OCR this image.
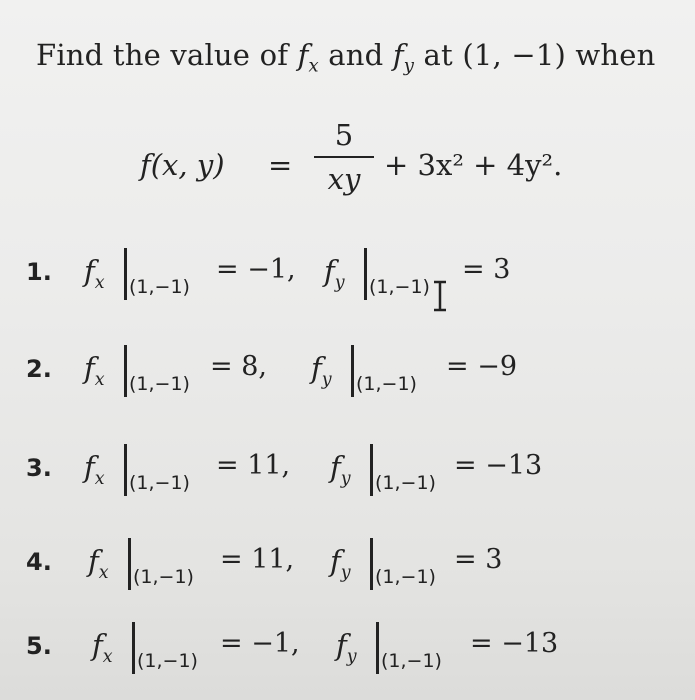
Find the value of $f_x$ and $f_y$ at (1, −1) when
f(x, y) =
5
xy + 3x² + 4y².
1. $f_x$ (1,−1)
= −1, $f_y$ (1,−1)
= 3
2. $f_x$ (1,−1)
= 8, $f_y$ (1,−1)
= −9
3. $f_x$ (1,−1)
= 11, $f_y$ (1,−1)
= −13
4. $f_x$ (1,−1)
= 11, $f_y$ (1,−1)
= 3
5. $f_x$ (1,−1)
= −1, $f_y$ (1,−1)
= −13
